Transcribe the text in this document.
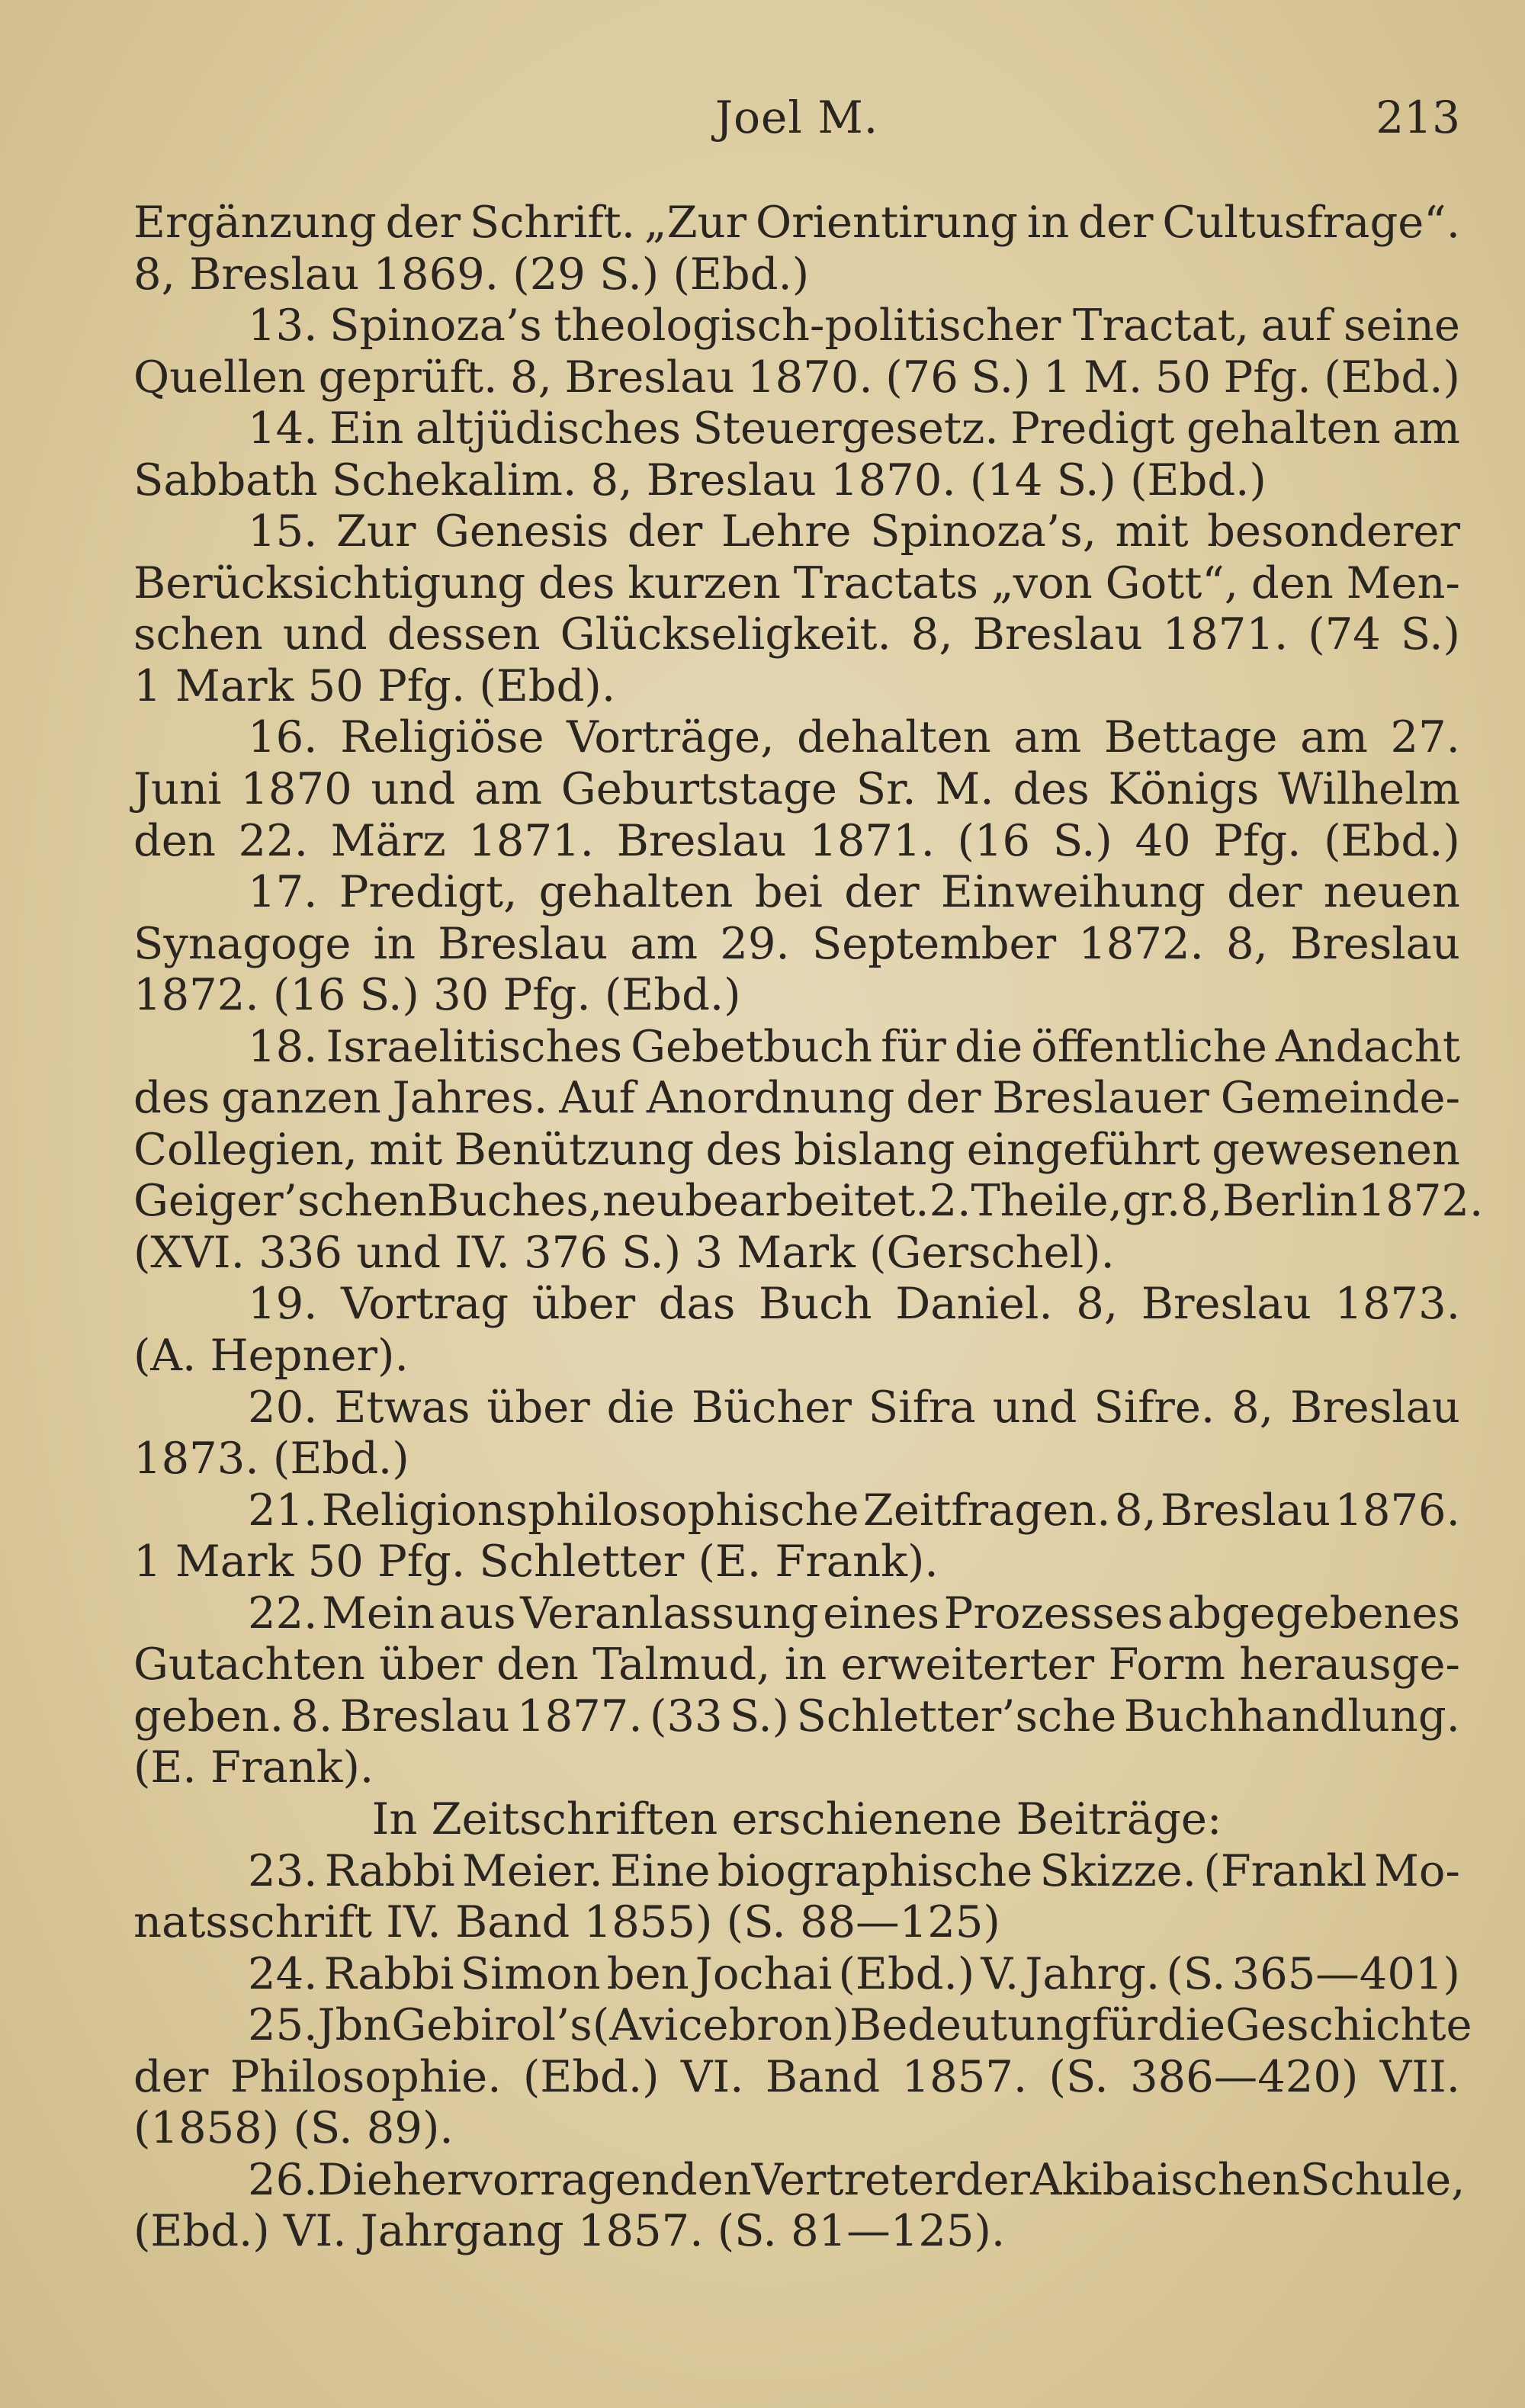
Joel M.	213
Ergänzung der Schrift. „Zur Orientirung in der Cultusfrage“.
8, Breslau 1869. (29 S.) (Ebd.)
13. Spinoza’s theologisch-politischer Tractat, auf seine
Quellen geprüft. 8, Breslau 1870. (76 S.) 1 M. 50 Pfg. (Ebd.)
14. Ein altjüdisches Steuergesetz. Predigt gehalten am
Sabbath Schekalim. 8, Breslau 1870. (14 S.) (Ebd.)
15. Zur Genesis der Lehre Spinoza’s, mit besonderer
Berücksichtigung des kurzen Tractats „von Gott“, den Men-
schen und dessen Glückseligkeit. 8, Breslau 1871. (74 S.)
1 Mark 50 Pfg. (Ebd).
16. Religiöse Vorträge, dehalten am Bettage am 27.
Juni 1870 und am Geburtstage Sr. M. des Königs Wilhelm
den 22. März 1871. Breslau 1871. (16 S.) 40 Pfg. (Ebd.)
17. Predigt, gehalten bei der Einweihung der neuen
Synagoge in Breslau am 29. September 1872. 8, Breslau
1872. (16 S.) 30 Pfg. (Ebd.)
18. Israelitisches Gebetbuch für die öffentliche Andacht
des ganzen Jahres. Auf Anordnung der Breslauer Gemeinde-
Collegien, mit Benützung des bislang eingeführt gewesenen
Geiger’schen Buches, neu bearbeitet. 2. Theile, gr. 8, Berlin 1872.
(XVI. 336 und IV. 376 S.) 3 Mark (Gerschel).
19. Vortrag über das Buch Daniel. 8, Breslau 1873.
(A. Hepner).
20. Etwas über die Bücher Sifra und Sifre. 8, Breslau
1873. (Ebd.)
21. Religionsphilosophische Zeitfragen. 8, Breslau 1876.
1 Mark 50 Pfg. Schletter (E. Frank).
22. Mein aus Veranlassung eines Prozesses abgegebenes
Gutachten über den Talmud, in erweiterter Form herausge-
geben. 8. Breslau 1877. (33 S.) Schletter’sche Buchhandlung.
(E. Frank).
In Zeitschriften erschienene Beiträge:
23. Rabbi Meier. Eine biographische Skizze. (Frankl Mo-
natsschrift IV. Band 1855) (S. 88—125)
24. Rabbi Simon ben Jochai (Ebd.) V. Jahrg. (S. 365—401)
25. Jbn Gebirol’s (Avicebron) Bedeutung für die Geschichte
der Philosophie. (Ebd.) VI. Band 1857. (S. 386—420) VII.
(1858) (S. 89).
26. Die hervorragenden Vertreter der Akibaischen Schule,
(Ebd.) VI. Jahrgang 1857. (S. 81—125).
